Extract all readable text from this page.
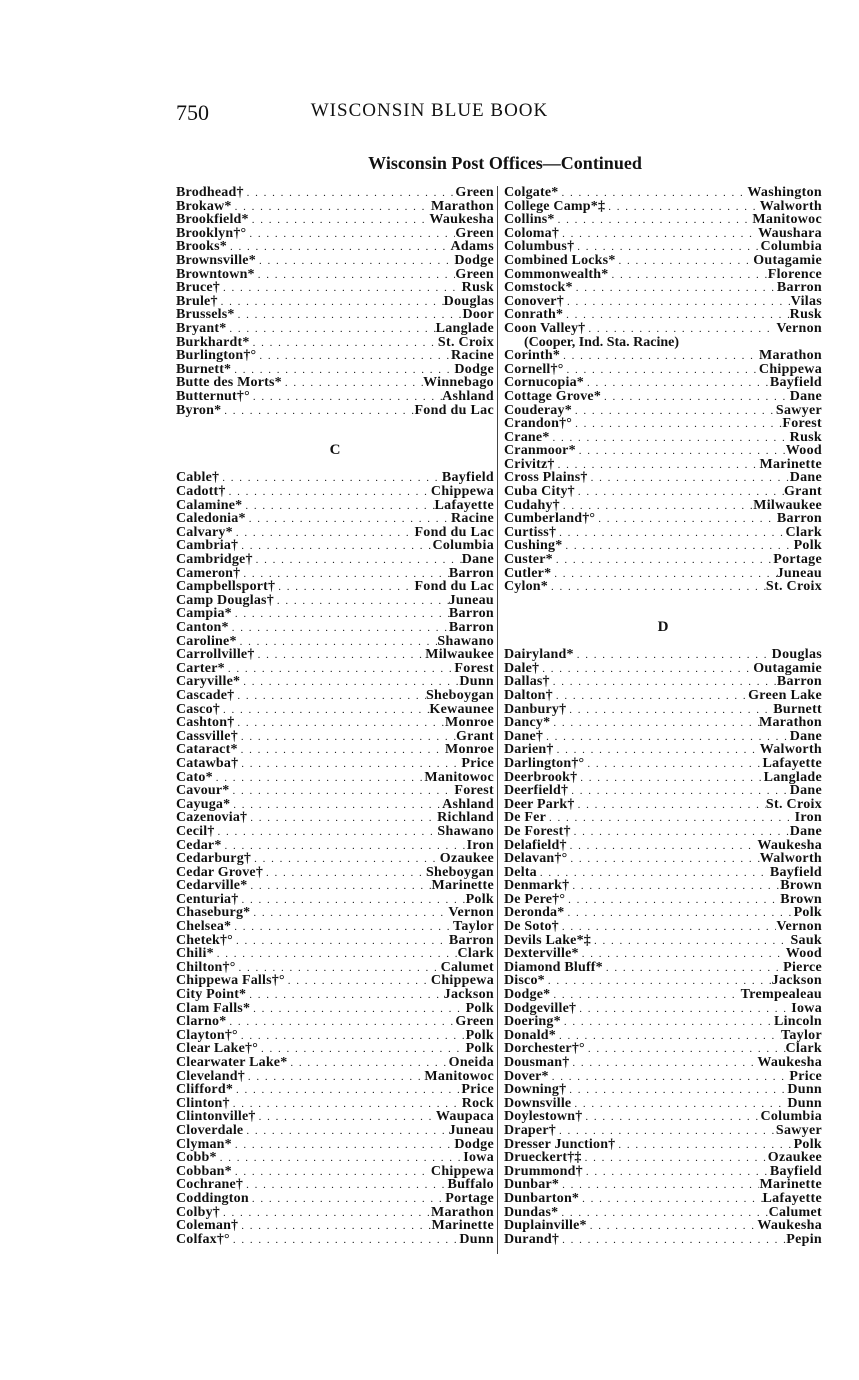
750	WISCONSIN BLUE BOOK
Wisconsin Post Offices—Continued
Brodhead† . . .	Green
Brokaw* . . .	Marathon
Brookfield* . . .	Waukesha
Brooklyn†° . . .	Green
Brooks* . . .	Adams
Brownsville* . . .	Dodge
Browntown* . . .	Green
Bruce† . . .	Rusk
Brule† . . .	Douglas
Brussels* . . .	Door
Bryant* . . .	Langlade
Burkhardt* . . .	St. Croix
Burlington†° . . .	Racine
Burnett* . . .	Dodge
Butte des Morts* . . .	Winnebago
Butternut†° . . .	Ashland
Byron* . . .	Fond du Lac
C
Cable† . . .	Bayfield
Cadott† . . .	Chippewa
Calamine* . . .	Lafayette
Caledonia* . . .	Racine
Calvary* . . .	Fond du Lac
Cambria† . . .	Columbia
Cambridge† . . .	Dane
Cameron† . . .	Barron
Campbellsport† . . .	Fond du Lac
Camp Douglas† . . .	Juneau
Campia* . . .	Barron
Canton* . . .	Barron
Caroline* . . .	Shawano
Carrollville† . . .	Milwaukee
Carter* . . .	Forest
Caryville* . . .	Dunn
Cascade† . . .	Sheboygan
Casco† . . .	Kewaunee
Cashton† . . .	Monroe
Cassville† . . .	Grant
Cataract* . . .	Monroe
Catawba† . . .	Price
Cato* . . .	Manitowoc
Cavour* . . .	Forest
Cayuga* . . .	Ashland
Cazenovia† . . .	Richland
Cecil† . . .	Shawano
Cedar* . . .	Iron
Cedarburg† . . .	Ozaukee
Cedar Grove† . . .	Sheboygan
Cedarville* . . .	Marinette
Centuria† . . .	Polk
Chaseburg* . . .	Vernon
Chelsea* . . .	Taylor
Chetek†° . . .	Barron
Chili* . . .	Clark
Chilton†° . . .	Calumet
Chippewa Falls†° . . .	Chippewa
City Point* . . .	Jackson
Clam Falls* . . .	Polk
Clarno* . . .	Green
Clayton†° . . .	Polk
Clear Lake†° . . .	Polk
Clearwater Lake* . . .	Oneida
Cleveland† . . .	Manitowoc
Clifford* . . .	Price
Clinton† . . .	Rock
Clintonville† . . .	Waupaca
Cloverdale . . .	Juneau
Clyman* . . .	Dodge
Cobb* . . .	Iowa
Cobban* . . .	Chippewa
Cochrane† . . .	Buffalo
Coddington . . .	Portage
Colby† . . .	Marathon
Coleman† . . .	Marinette
Colfax†° . . .	Dunn
Colgate* . . .	Washington
College Camp*‡ . . .	Walworth
Collins* . . .	Manitowoc
Coloma† . . .	Waushara
Columbus† . . .	Columbia
Combined Locks* . . .	Outagamie
Commonwealth* . . .	Florence
Comstock* . . .	Barron
Conover† . . .	Vilas
Conrath* . . .	Rusk
Coon Valley† . . .	Vernon
(Cooper, Ind. Sta. Racine)
Corinth* . . .	Marathon
Cornell†° . . .	Chippewa
Cornucopia* . . .	Bayfield
Cottage Grove* . . .	Dane
Couderay* . . .	Sawyer
Crandon†° . . .	Forest
Crane* . . .	Rusk
Cranmoor* . . .	Wood
Crivitz† . . .	Marinette
Cross Plains† . . .	Dane
Cuba City† . . .	Grant
Cudahy† . . .	Milwaukee
Cumberland†° . . .	Barron
Curtiss† . . .	Clark
Cushing* . . .	Polk
Custer* . . .	Portage
Cutler* . . .	Juneau
Cylon* . . .	St. Croix
D
Dairyland* . . .	Douglas
Dale† . . .	Outagamie
Dallas† . . .	Barron
Dalton† . . .	Green Lake
Danbury† . . .	Burnett
Dancy* . . .	Marathon
Dane† . . .	Dane
Darien† . . .	Walworth
Darlington†° . . .	Lafayette
Deerbrook† . . .	Langlade
Deerfield† . . .	Dane
Deer Park† . . .	St. Croix
De Fer . . .	Iron
De Forest† . . .	Dane
Delafield† . . .	Waukesha
Delavan†° . . .	Walworth
Delta . . .	Bayfield
Denmark† . . .	Brown
De Pere†° . . .	Brown
Deronda* . . .	Polk
De Soto† . . .	Vernon
Devils Lake*‡ . . .	Sauk
Dexterville* . . .	Wood
Diamond Bluff* . . .	Pierce
Disco* . . .	Jackson
Dodge* . . .	Trempealeau
Dodgeville† . . .	Iowa
Doering* . . .	Lincoln
Donald* . . .	Taylor
Dorchester†° . . .	Clark
Dousman† . . .	Waukesha
Dover* . . .	Price
Downing† . . .	Dunn
Downsville . . .	Dunn
Doylestown† . . .	Columbia
Draper† . . .	Sawyer
Dresser Junction† . . .	Polk
Drueckert†‡ . . .	Ozaukee
Drummond† . . .	Bayfield
Dunbar* . . .	Marinette
Dunbarton* . . .	Lafayette
Dundas* . . .	Calumet
Duplainville* . . .	Waukesha
Durand† . . .	Pepin
